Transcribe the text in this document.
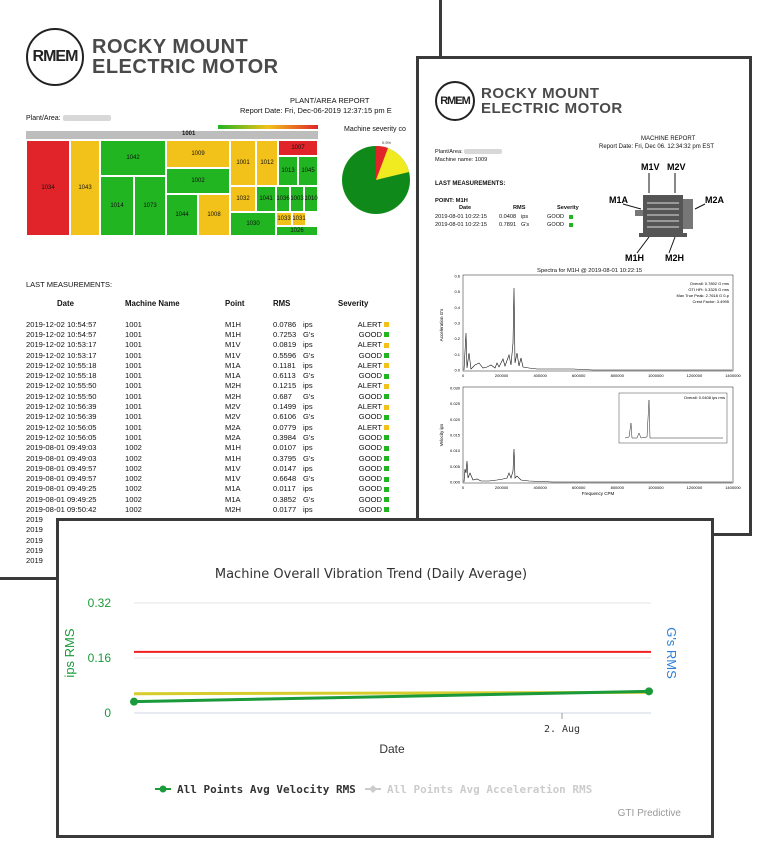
RMEM ROCKY MOUNT
ELECTRIC MOTOR
PLANT/AREA REPORT
Report Date: Fri, Dec-06-2019 12:37:15 pm E
Plant/Area:
1001
1034	1043
1042
1014	1073
1009
1002
1044	1008
1001	1012
1007
1013	1045
1032	1041 1036 1003 1010
1033 1031
1030
1026
Machine severity co
0.5%
LAST MEASUREMENTS:
Date	Machine Name	Point	RMS	Severity
2019-12-02 10:54:57	1001	M1H	0.0786 ips	ALERT
2019-12-02 10:54:57	1001	M1H	0.7253 G's	GOOD
2019-12-02 10:53:17	1001	M1V	0.0819 ips	ALERT
2019-12-02 10:53:17	1001	M1V	0.5596 G's	GOOD
2019-12-02 10:55:18	1001	M1A	0.1181 ips	ALERT
2019-12-02 10:55:18	1001	M1A	0.6113 G's	GOOD
2019-12-02 10:55:50	1001	M2H	0.1215 ips	ALERT
2019-12-02 10:55:50	1001	M2H	0.687 G's	GOOD
2019-12-02 10:56:39	1001	M2V	0.1499 ips	ALERT
2019-12-02 10:56:39	1001	M2V	0.6106 G's	GOOD
2019-12-02 10:56:05	1001	M2A	0.0779 ips	ALERT
2019-12-02 10:56:05	1001	M2A	0.3984 G's	GOOD
2019-08-01 09:49:03	1002	M1H	0.0107 ips	GOOD
2019-08-01 09:49:03	1002	M1H	0.3795 G's	GOOD
2019-08-01 09:49:57	1002	M1V	0.0147 ips	GOOD
2019-08-01 09:49:57	1002	M1V	0.6648 G's	GOOD
2019-08-01 09:49:25	1002	M1A	0.0117 ips	GOOD
2019-08-01 09:49:25	1002	M1A	0.3852 G's	GOOD
2019-08-01 09:50:42	1002	M2H	0.0177 ips	GOOD
2019
2019
2019
2019
2019
RMEM ROCKY MOUNT
ELECTRIC MOTOR
MACHINE REPORT
Report Date: Fri, Dec 06. 12:34:32 pm EST
Plant/Area:
Machine name: 1009
LAST MEASUREMENTS:
POINT: M1H
Date	RMS	Severity
2019-08-01 10:22:15 0.0408 ips	GOOD
2019-08-01 10:22:15 0.7891 G's	GOOD
M1V M2V
M1A	M2A
M1H M2H
Spectra for M1H @ 2019-08-01 10:22:15
Acceleration G's
Velocity ips
Frequency CPM
Overall: 0.0408 ips rms
Overall: 0.7892 G rms
GTI HFt: 0.3325 G rms
Max True Peak: 2.7618 G 0-p
Crest Factor: 3.4995
0.6
0.5
0.4
0.3
0.2
0.1
0.0
0.030
0.025
0.020
0.015
0.010
0.005
0.000
0	200000	400000	600000	800000	1000000	1200000	1400000
0	200000	400000	600000	800000	1000000	1200000	1400000
Machine Overall Vibration Trend (Daily Average)
ips RMS	G's RMS
Date
0.32
0.16
0
2. Aug
All Points Avg Velocity RMS	All Points Avg Acceleration RMS
GTI Predictive
